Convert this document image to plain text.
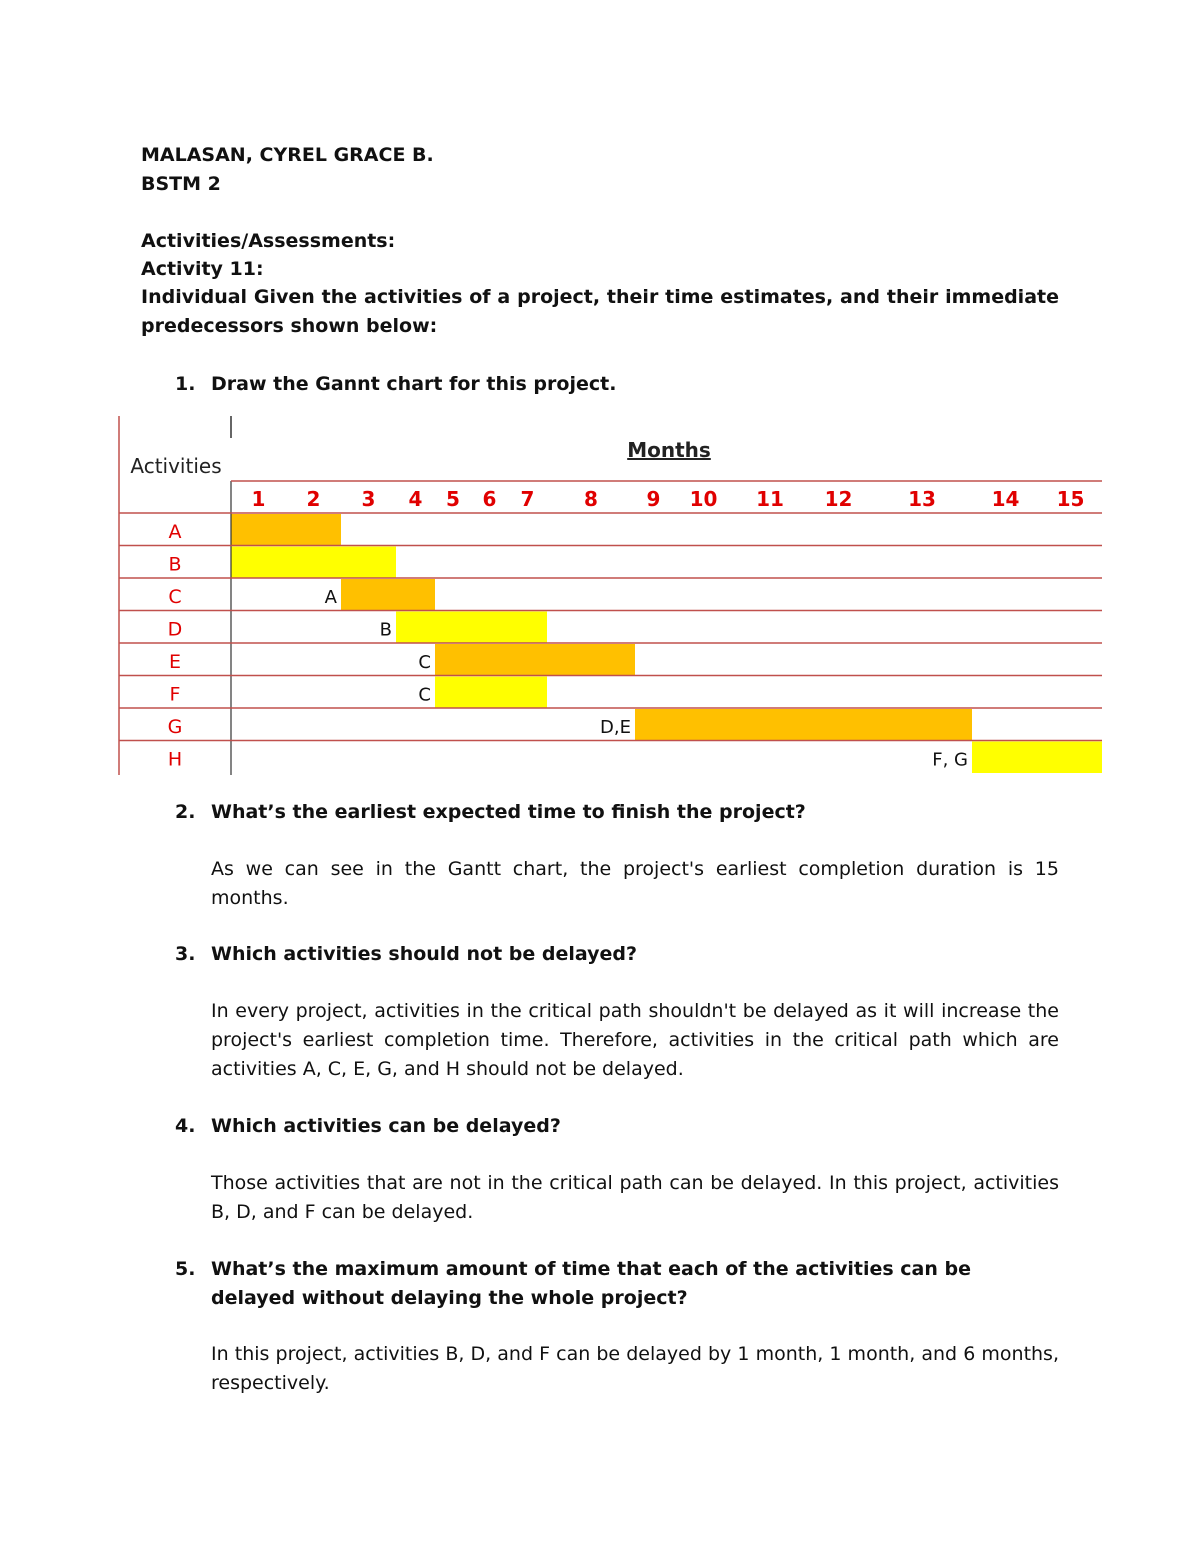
MALASAN, CYREL GRACE B.
BSTM 2
Activities/Assessments:
Activity 11:
Individual Given the activities of a project, their time estimates, and their immediate predecessors shown below:
1. Draw the Gannt chart for this project.
Activities
Months
1 2 3 4 5 6 7 8 9 10 11 12	13	14 15
A
B
C	A
D	B
E	C
F	C
G	D,E
H	F, G
2. What’s the earliest expected time to finish the project?
As we can see in the Gantt chart, the project's earliest completion duration is 15 months.
3. Which activities should not be delayed?
In every project, activities in the critical path shouldn't be delayed as it will increase the project's earliest completion time. Therefore, activities in the critical path which are activities A, C, E, G, and H should not be delayed.
4. Which activities can be delayed?
Those activities that are not in the critical path can be delayed. In this project, activities B, D, and F can be delayed.
5. What’s the maximum amount of time that each of the activities can be delayed without delaying the whole project?
In this project, activities B, D, and F can be delayed by 1 month, 1 month, and 6 months, respectively.
